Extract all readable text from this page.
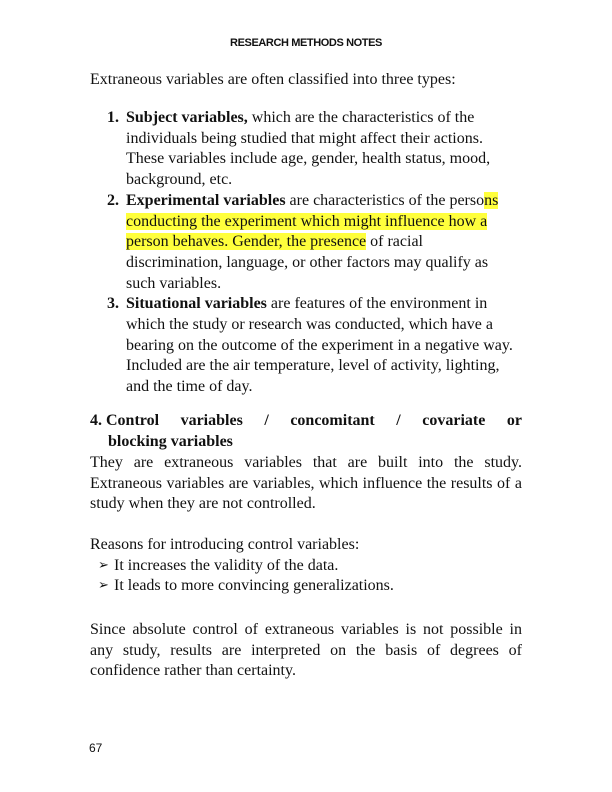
RESEARCH METHODS NOTES
Extraneous variables are often classified into three types:
1. Subject variables, which are the characteristics of the individuals being studied that might affect their actions. These variables include age, gender, health status, mood, background, etc.
2. Experimental variables are characteristics of the persons conducting the experiment which might influence how a person behaves. Gender, the presence of racial discrimination, language, or other factors may qualify as such variables.
3. Situational variables are features of the environment in which the study or research was conducted, which have a bearing on the outcome of the experiment in a negative way. Included are the air temperature, level of activity, lighting, and the time of day.
4. Control variables / concomitant / covariate or
blocking variables
They are extraneous variables that are built into the study. Extraneous variables are variables, which influence the results of a study when they are not controlled.
Reasons for introducing control variables:
➢ It increases the validity of the data.
➢ It leads to more convincing generalizations.
Since absolute control of extraneous variables is not possible in any study, results are interpreted on the basis of degrees of confidence rather than certainty.
67
